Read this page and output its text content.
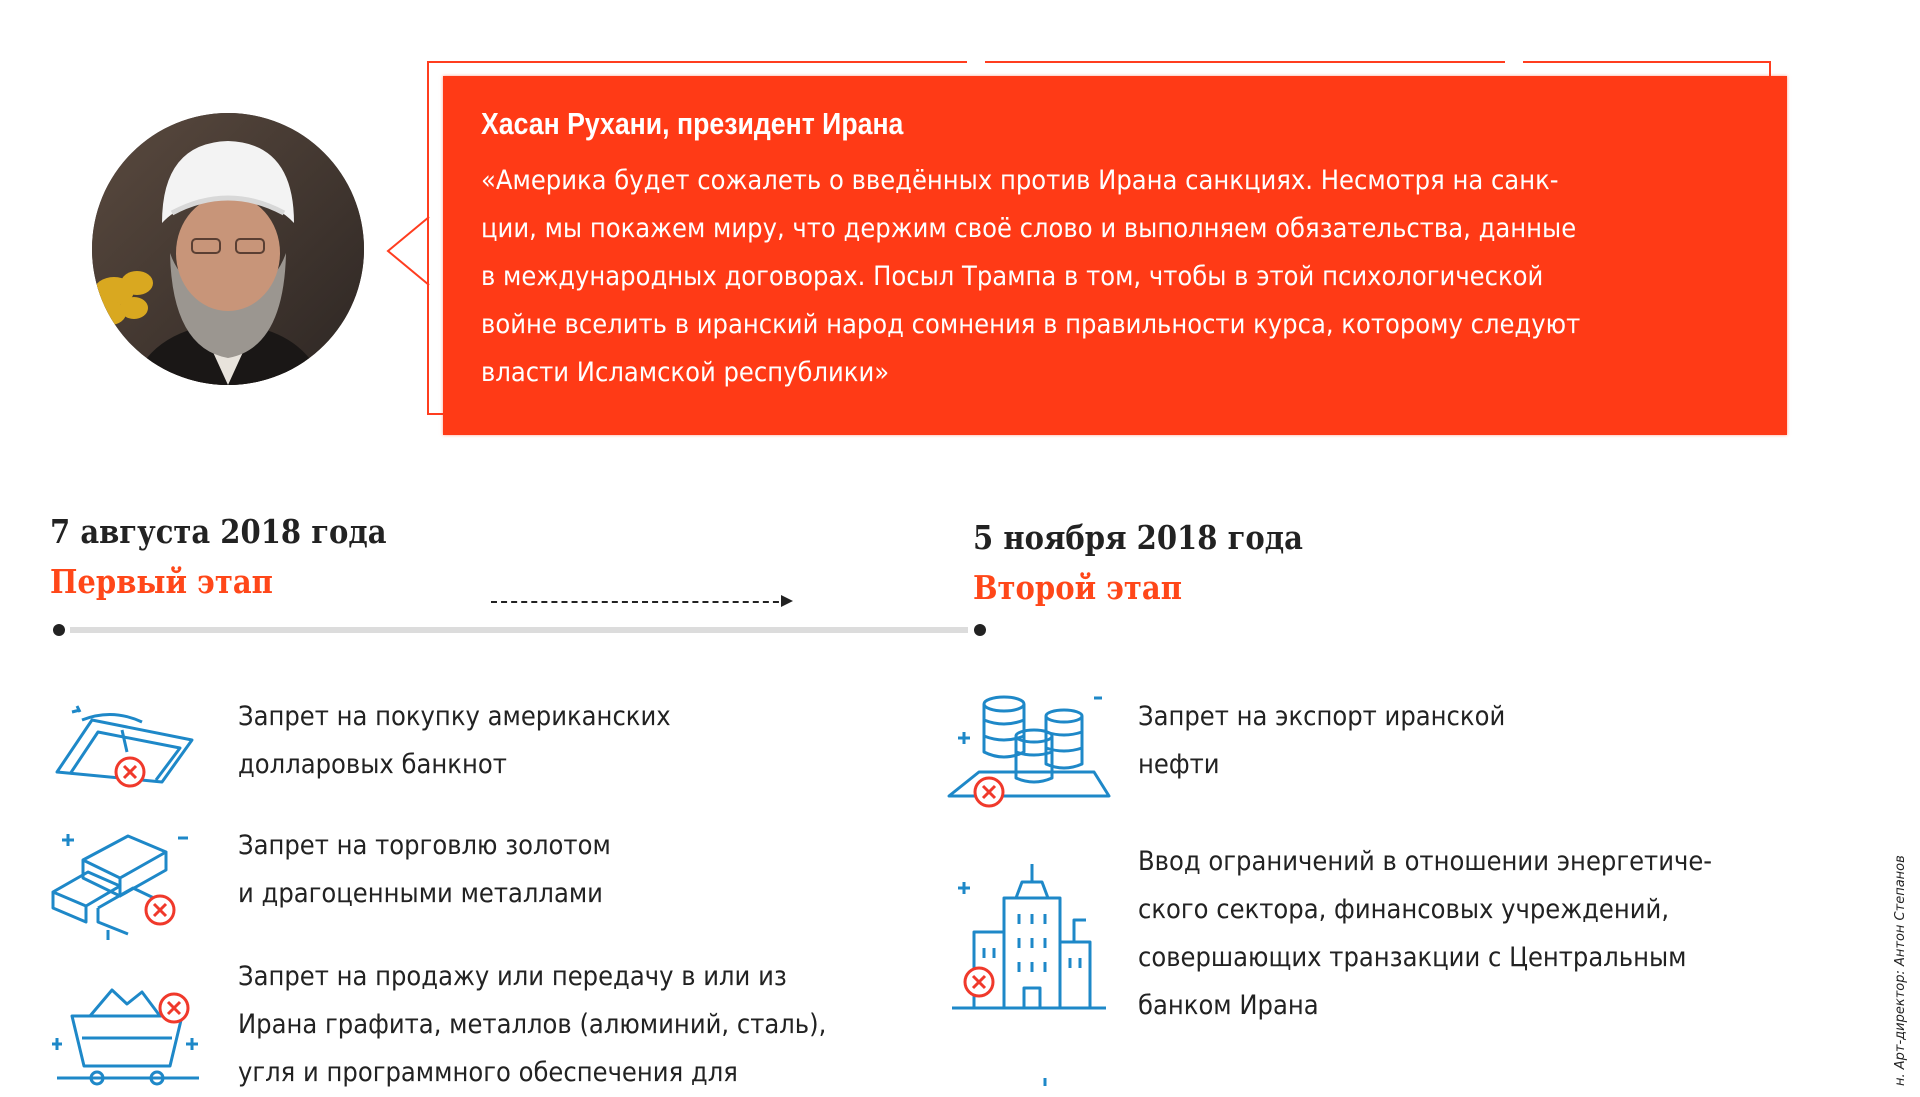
Хасан Рухани, президент Ирана
«Америка будет сожалеть о введённых против Ирана санкциях. Несмотря на санк-
ции, мы покажем миру, что держим своё слово и выполняем обязательства, данные
в международных договорах. Посыл Трампа в том, чтобы в этой психологической
войне вселить в иранский народ сомнения в правильности курса, которому следуют
власти Исламской республики»
7 августа 2018 года
Первый этап
5 ноября 2018 года
Второй этап
Запрет на покупку американских
долларовых банкнот
Запрет на торговлю золотом
и драгоценными металлами
Запрет на продажу или передачу в или из
Ирана графита, металлов (алюминий, сталь),
угля и программного обеспечения для
Запрет на экспорт иранской
нефти
Ввод ограничений в отношении энергетиче-
ского сектора, финансовых учреждений,
совершающих транзакции с Центральным
банком Ирана	н. Арт-директор: Антон Степанов
